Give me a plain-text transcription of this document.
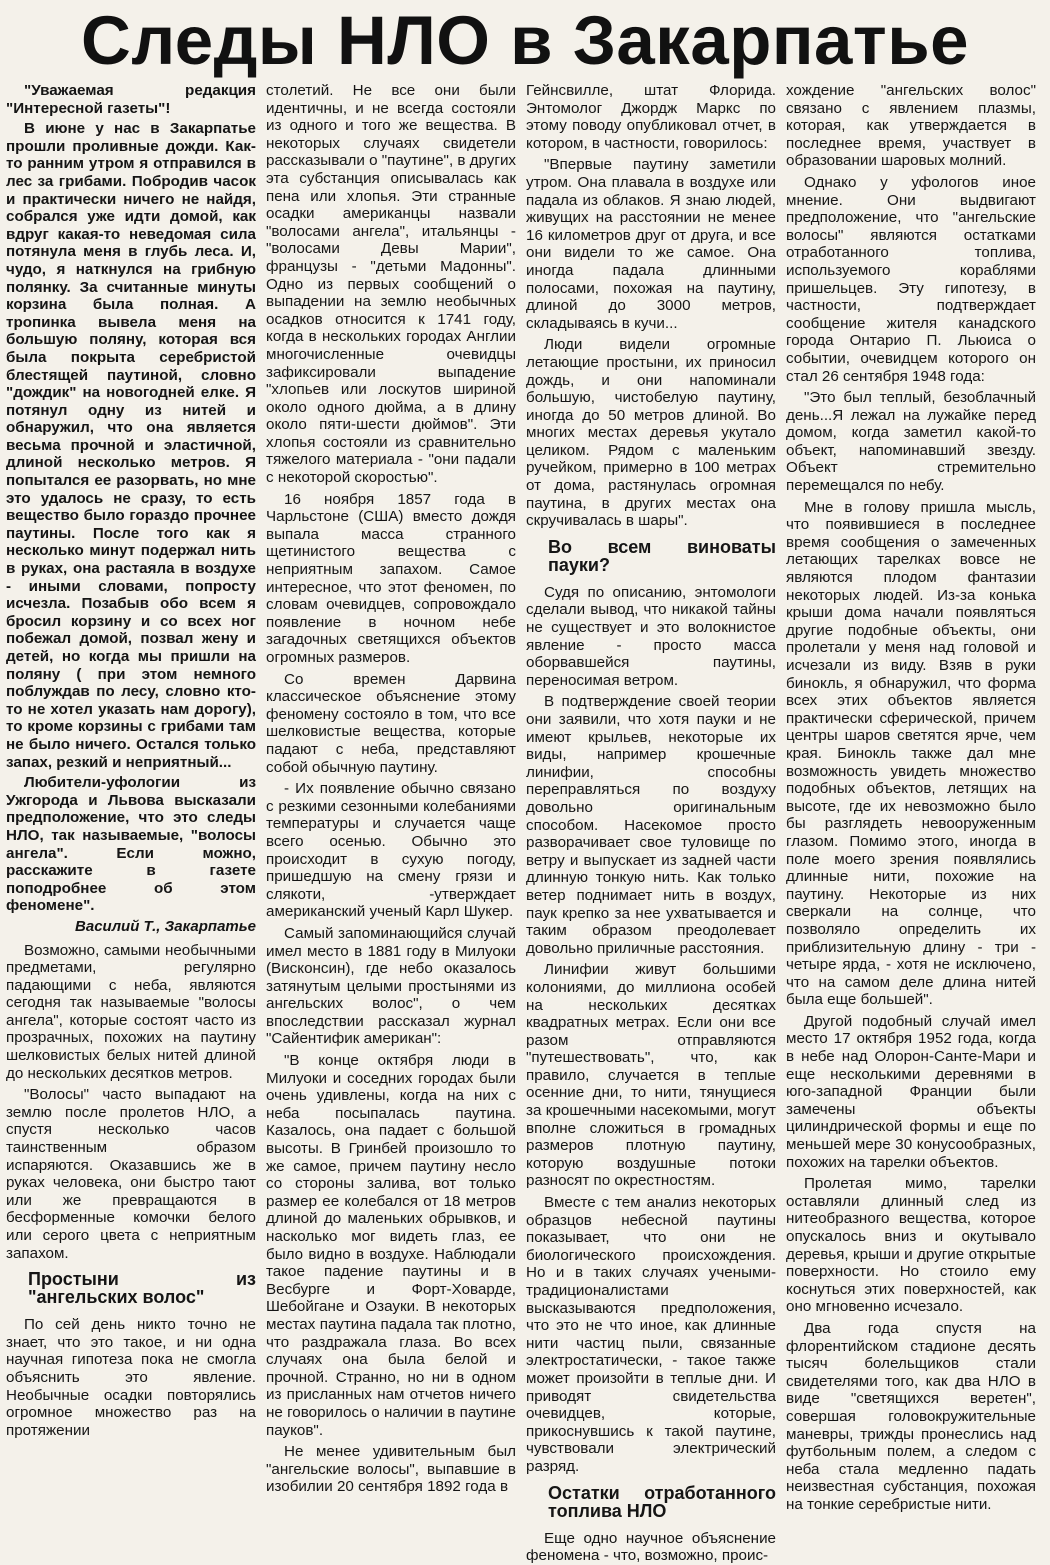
Следы НЛО в Закарпатье

"Уважаемая редакция "Интересной газеты"!

В июне у нас в Закарпатье прошли проливные дожди. Как-то ранним утром я отправился в лес за грибами. Побродив часок и практически ничего не найдя, собрался уже идти домой, как вдруг какая-то неведомая сила потянула меня в глубь леса. И, чудо, я наткнулся на грибную полянку. За считанные минуты корзина была полная. А тропинка вывела меня на большую поляну, которая вся была покрыта серебристой блестящей паутиной, словно "дождик" на новогодней елке. Я потянул одну из нитей и обнаружил, что она является весьма прочной и эластичной, длиной несколько метров. Я попытался ее разорвать, но мне это удалось не сразу, то есть вещество было гораздо прочнее паутины. После того как я несколько минут подержал нить в руках, она растаяла в воздухе - иными словами, попросту исчезла. Позабыв обо всем я бросил корзину и со всех ног побежал домой, позвал жену и детей, но когда мы пришли на поляну ( при этом немного поблуждав по лесу, словно кто-то не хотел указать нам дорогу), то кроме корзины с грибами там не было ничего. Остался только запах, резкий и неприятный...

Любители-уфологии из Ужгорода и Львова высказали предположение, что это следы НЛО, так называемые, "волосы ангела". Если можно, расскажите в газете поподробнее об этом феномене".

Василий Т., Закарпатье

Возможно, самыми необычными предметами, регулярно падающими с неба, являются сегодня так называемые "волосы ангела", которые состоят часто из прозрачных, похожих на паутину шелковистых белых нитей длиной до нескольких десятков метров.

"Волосы" часто выпадают на землю после пролетов НЛО, а спустя несколько часов таинственным образом испаряются. Оказавшись же в руках человека, они быстро тают или же превращаются в бесформенные комочки белого или серого цвета с неприятным запахом.

Простыни из "ангельских волос"

По сей день никто точно не знает, что это такое, и ни одна научная гипотеза пока не смогла объяснить это явление. Необычные осадки повторялись огромное множество раз на протяжении

столетий. Не все они были идентичны, и не всегда состояли из одного и того же вещества. В некоторых случаях свидетели рассказывали о "паутине", в других эта субстанция описывалась как пена или хлопья. Эти странные осадки американцы назвали "волосами ангела", итальянцы - "волосами Девы Марии", французы - "детьми Мадонны". Одно из первых сообщений о выпадении на землю необычных осадков относится к 1741 году, когда в нескольких городах Англии многочисленные очевидцы зафиксировали выпадение "хлопьев или лоскутов шириной около одного дюйма, а в длину около пяти-шести дюймов". Эти хлопья состояли из сравнительно тяжелого материала - "они падали с некоторой скоростью".

16 ноября 1857 года в Чарльстоне (США) вместо дождя выпала масса странного щетинистого вещества с неприятным запахом. Самое интересное, что этот феномен, по словам очевидцев, сопровождало появление в ночном небе загадочных светящихся объектов огромных размеров.

Со времен Дарвина классическое объяснение этому феномену состояло в том, что все шелковистые вещества, которые падают с неба, представляют собой обычную паутину.

- Их появление обычно связано с резкими сезонными колебаниями температуры и случается чаще всего осенью. Обычно это происходит в сухую погоду, пришедшую на смену грязи и слякоти, -утверждает американский ученый Карл Шукер.

Самый запоминающийся случай имел место в 1881 году в Милуоки (Висконсин), где небо оказалось затянутым целыми простынями из ангельских волос", о чем впоследствии рассказал журнал "Сайентифик американ":

"В конце октября люди в Милуоки и соседних городах были очень удивлены, когда на них с неба посыпалась паутина. Казалось, она падает с большой высоты. В Гринбей произошло то же самое, причем паутину несло со стороны залива, вот только размер ее колебался от 18 метров длиной до маленьких обрывков, и насколько мог видеть глаз, ее было видно в воздухе. Наблюдали такое падение паутины и в Весбурге и Форт-Ховарде, Шебойгане и Озауки. В некоторых местах паутина падала так плотно, что раздражала глаза. Во всех случаях она была белой и прочной. Странно, но ни в одном из присланных нам отчетов ничего не говорилось о наличии в паутине пауков".

Не менее удивительным был "ангельские волосы", выпавшие в изобилии 20 сентября 1892 года в

Гейнсвилле, штат Флорида. Энтомолог Джордж Маркс по этому поводу опубликовал отчет, в котором, в частности, говорилось:

"Впервые паутину заметили утром. Она плавала в воздухе или падала из облаков. Я знаю людей, живущих на расстоянии не менее 16 километров друг от друга, и все они видели то же самое. Она иногда падала длинными полосами, похожая на паутину, длиной до 3000 метров, складываясь в кучи...

Люди видели огромные летающие простыни, их приносил дождь, и они напоминали большую, чистобелую паутину, иногда до 50 метров длиной. Во многих местах деревья укутало целиком. Рядом с маленьким ручейком, примерно в 100 метрах от дома, растянулась огромная паутина, в других местах она скручивалась в шары".

Во всем виноваты пауки?

Судя по описанию, энтомологи сделали вывод, что никакой тайны не существует и это волокнистое явление - просто масса оборвавшейся паутины, переносимая ветром.

В подтверждение своей теории они заявили, что хотя пауки и не имеют крыльев, некоторые их виды, например крошечные линифии, способны переправляться по воздуху довольно оригинальным способом. Насекомое просто разворачивает свое туловище по ветру и выпускает из задней части длинную тонкую нить. Как только ветер поднимает нить в воздух, паук крепко за нее ухватывается и таким образом преодолевает довольно приличные расстояния.

Линифии живут большими колониями, до миллиона особей на нескольких десятках квадратных метрах. Если они все разом отправляются "путешествовать", что, как правило, случается в теплые осенние дни, то нити, тянущиеся за крошечными насекомыми, могут вполне сложиться в громадных размеров плотную паутину, которую воздушные потоки разносят по окрестностям.

Вместе с тем анализ некоторых образцов небесной паутины показывает, что они не биологического происхождения. Но и в таких случаях учеными-традиционалистами высказываются предположения, что это не что иное, как длинные нити частиц пыли, связанные электростатически, - такое также может произойти в теплые дни. И приводят свидетельства очевидцев, которые, прикоснувшись к такой паутине, чувствовали электрический разряд.

Остатки отработанного топлива НЛО

Еще одно научное объяснение феномена - что, возможно, проис-

хождение "ангельских волос" связано с явлением плазмы, которая, как утверждается в последнее время, участвует в образовании шаровых молний.

Однако у уфологов иное мнение. Они выдвигают предположение, что "ангельские волосы" являются остатками отработанного топлива, используемого кораблями пришельцев. Эту гипотезу, в частности, подтверждает сообщение жителя канадского города Онтарио П. Льюиса о событии, очевидцем которого он стал 26 сентября 1948 года:

"Это был теплый, безоблачный день...Я лежал на лужайке перед домом, когда заметил какой-то объект, напоминавший звезду. Объект стремительно перемещался по небу.

Мне в голову пришла мысль, что появившиеся в последнее время сообщения о замеченных летающих тарелках вовсе не являются плодом фантазии некоторых людей. Из-за конька крыши дома начали появляться другие подобные объекты, они пролетали у меня над головой и исчезали из виду. Взяв в руки бинокль, я обнаружил, что форма всех этих объектов является практически сферической, причем центры шаров светятся ярче, чем края. Бинокль также дал мне возможность увидеть множество подобных объектов, летящих на высоте, где их невозможно было бы разглядеть невооруженным глазом. Помимо этого, иногда в поле моего зрения появлялись длинные нити, похожие на паутину. Некоторые из них сверкали на солнце, что позволяло определить их приблизительную длину - три - четыре ярда, - хотя не исключено, что на самом деле длина нитей была еще большей".

Другой подобный случай имел место 17 октября 1952 года, когда в небе над Олорон-Санте-Мари и еще несколькими деревнями в юго-западной Франции были замечены объекты цилиндрической формы и еще по меньшей мере 30 конусообразных, похожих на тарелки объектов.

Пролетая мимо, тарелки оставляли длинный след из нитеобразного вещества, которое опускалось вниз и окутывало деревья, крыши и другие открытые поверхности. Но стоило ему коснуться этих поверхностей, как оно мгновенно исчезало.

Два года спустя на флорентийском стадионе десять тысяч болельщиков стали свидетелями того, как два НЛО в виде "светящихся веретен", совершая головокружительные маневры, трижды пронеслись над футбольным полем, а следом с неба стала медленно падать неизвестная субстанция, похожая на тонкие серебристые нити.
